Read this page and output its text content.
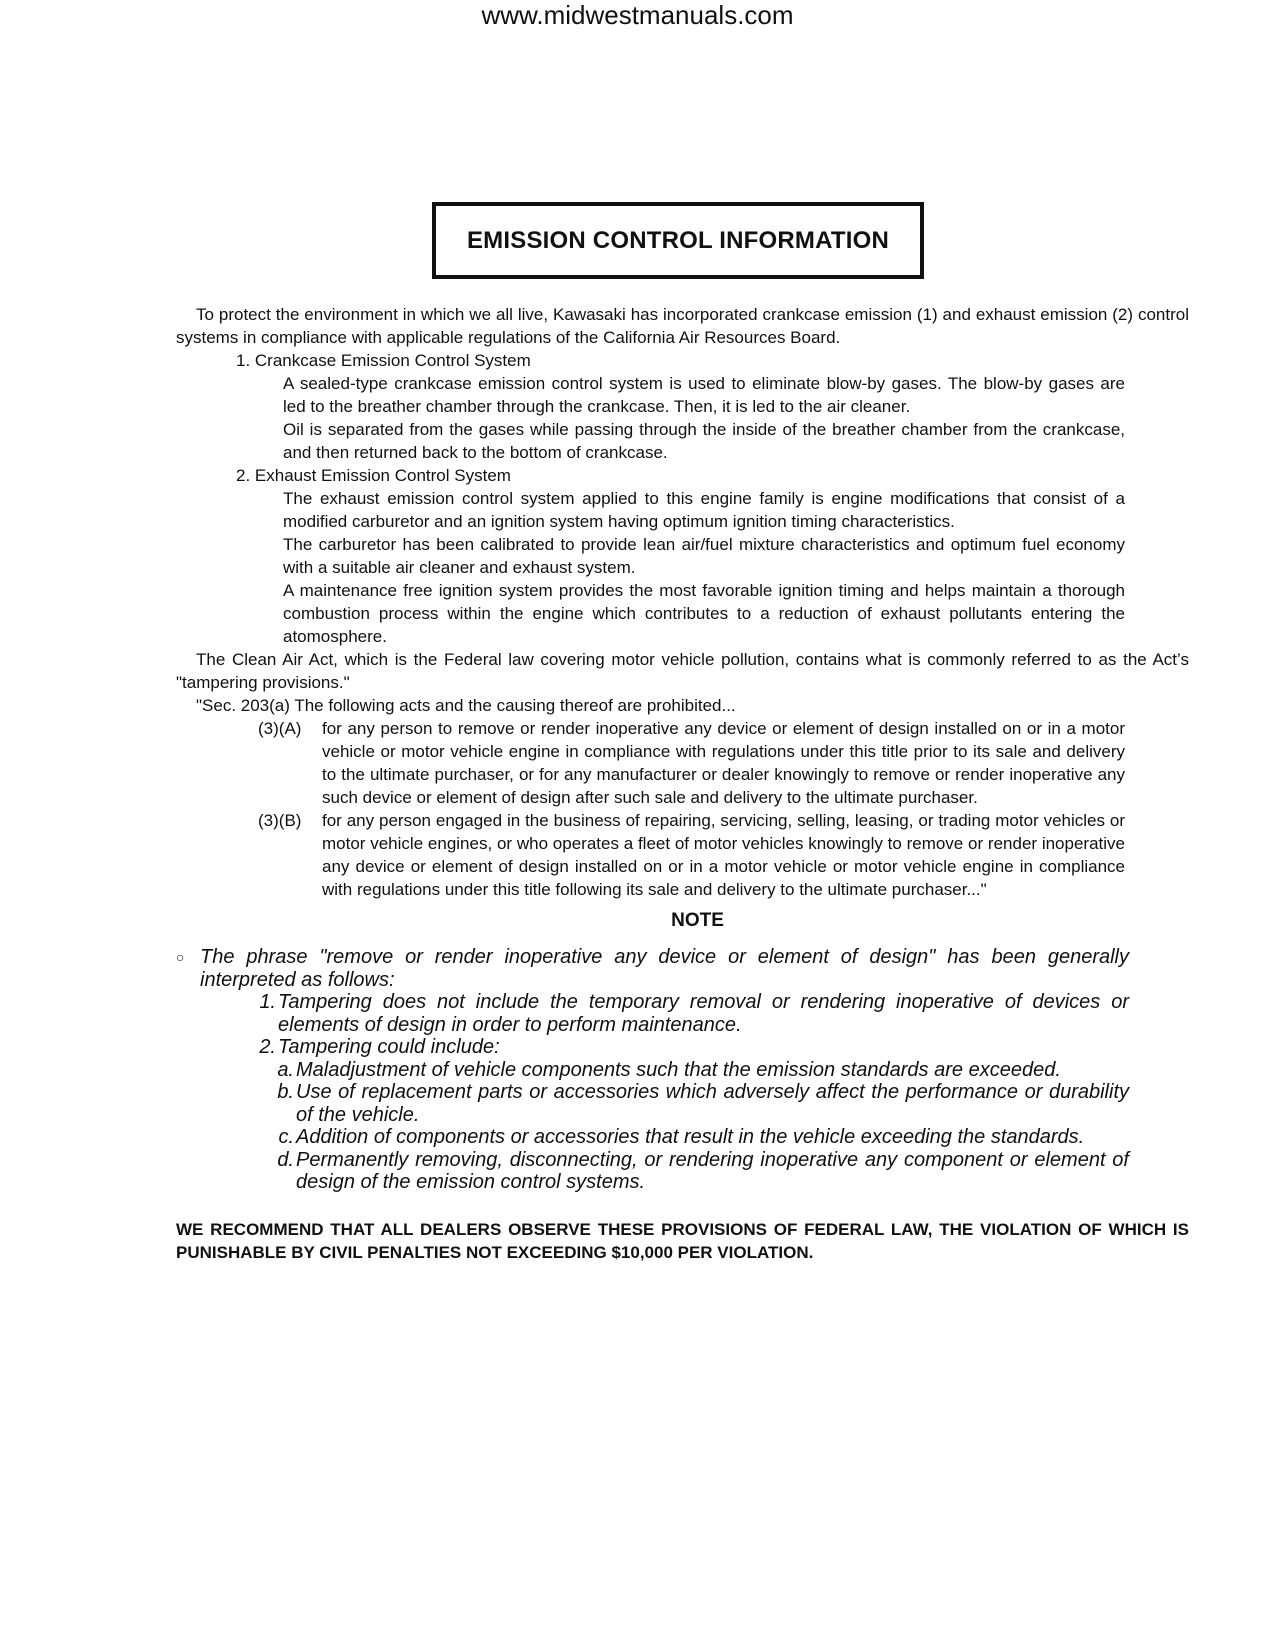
www.midwestmanuals.com
EMISSION CONTROL INFORMATION

To protect the environment in which we all live, Kawasaki has incorporated crankcase emission (1) and exhaust emission (2) control systems in compliance with applicable regulations of the California Air Resources Board.

1. Crankcase Emission Control System

A sealed-type crankcase emission control system is used to eliminate blow-by gases. The blow-by gases are led to the breather chamber through the crankcase. Then, it is led to the air cleaner.

Oil is separated from the gases while passing through the inside of the breather chamber from the crankcase, and then returned back to the bottom of crankcase.

2. Exhaust Emission Control System

The exhaust emission control system applied to this engine family is engine modifications that consist of a modified carburetor and an ignition system having optimum ignition timing characteristics.

The carburetor has been calibrated to provide lean air/fuel mixture characteristics and optimum fuel economy with a suitable air cleaner and exhaust system.

A maintenance free ignition system provides the most favorable ignition timing and helps maintain a thorough combustion process within the engine which contributes to a reduction of exhaust pollutants entering the atomosphere.

The Clean Air Act, which is the Federal law covering motor vehicle pollution, contains what is commonly referred to as the Act’s "tampering provisions."

"Sec. 203(a) The following acts and the causing thereof are prohibited...

(3)(A)	for any person to remove or render inoperative any device or element of design installed on or in a motor vehicle or motor vehicle engine in compliance with regulations under this title prior to its sale and delivery to the ultimate purchaser, or for any manufacturer or dealer knowingly to remove or render inoperative any such device or element of design after such sale and delivery to the ultimate purchaser.
(3)(B)	for any person engaged in the business of repairing, servicing, selling, leasing, or trading motor vehicles or motor vehicle engines, or who operates a fleet of motor vehicles knowingly to remove or render inoperative any device or element of design installed on or in a motor vehicle or motor vehicle engine in compliance with regulations under this title following its sale and delivery to the ultimate purchaser..."
NOTE
○ The phrase "remove or render inoperative any device or element of design" has been generally interpreted as follows:
1. Tampering does not include the temporary removal or rendering inoperative of devices or elements of design in order to perform maintenance.
2. Tampering could include:
a. Maladjustment of vehicle components such that the emission standards are exceeded.
b. Use of replacement parts or accessories which adversely affect the performance or durability of the vehicle.
c. Addition of components or accessories that result in the vehicle exceeding the standards.
d. Permanently removing, disconnecting, or rendering inoperative any component or element of design of the emission control systems.

WE RECOMMEND THAT ALL DEALERS OBSERVE THESE PROVISIONS OF FEDERAL LAW, THE VIOLATION OF WHICH IS PUNISHABLE BY CIVIL PENALTIES NOT EXCEEDING $10,000 PER VIOLATION.
